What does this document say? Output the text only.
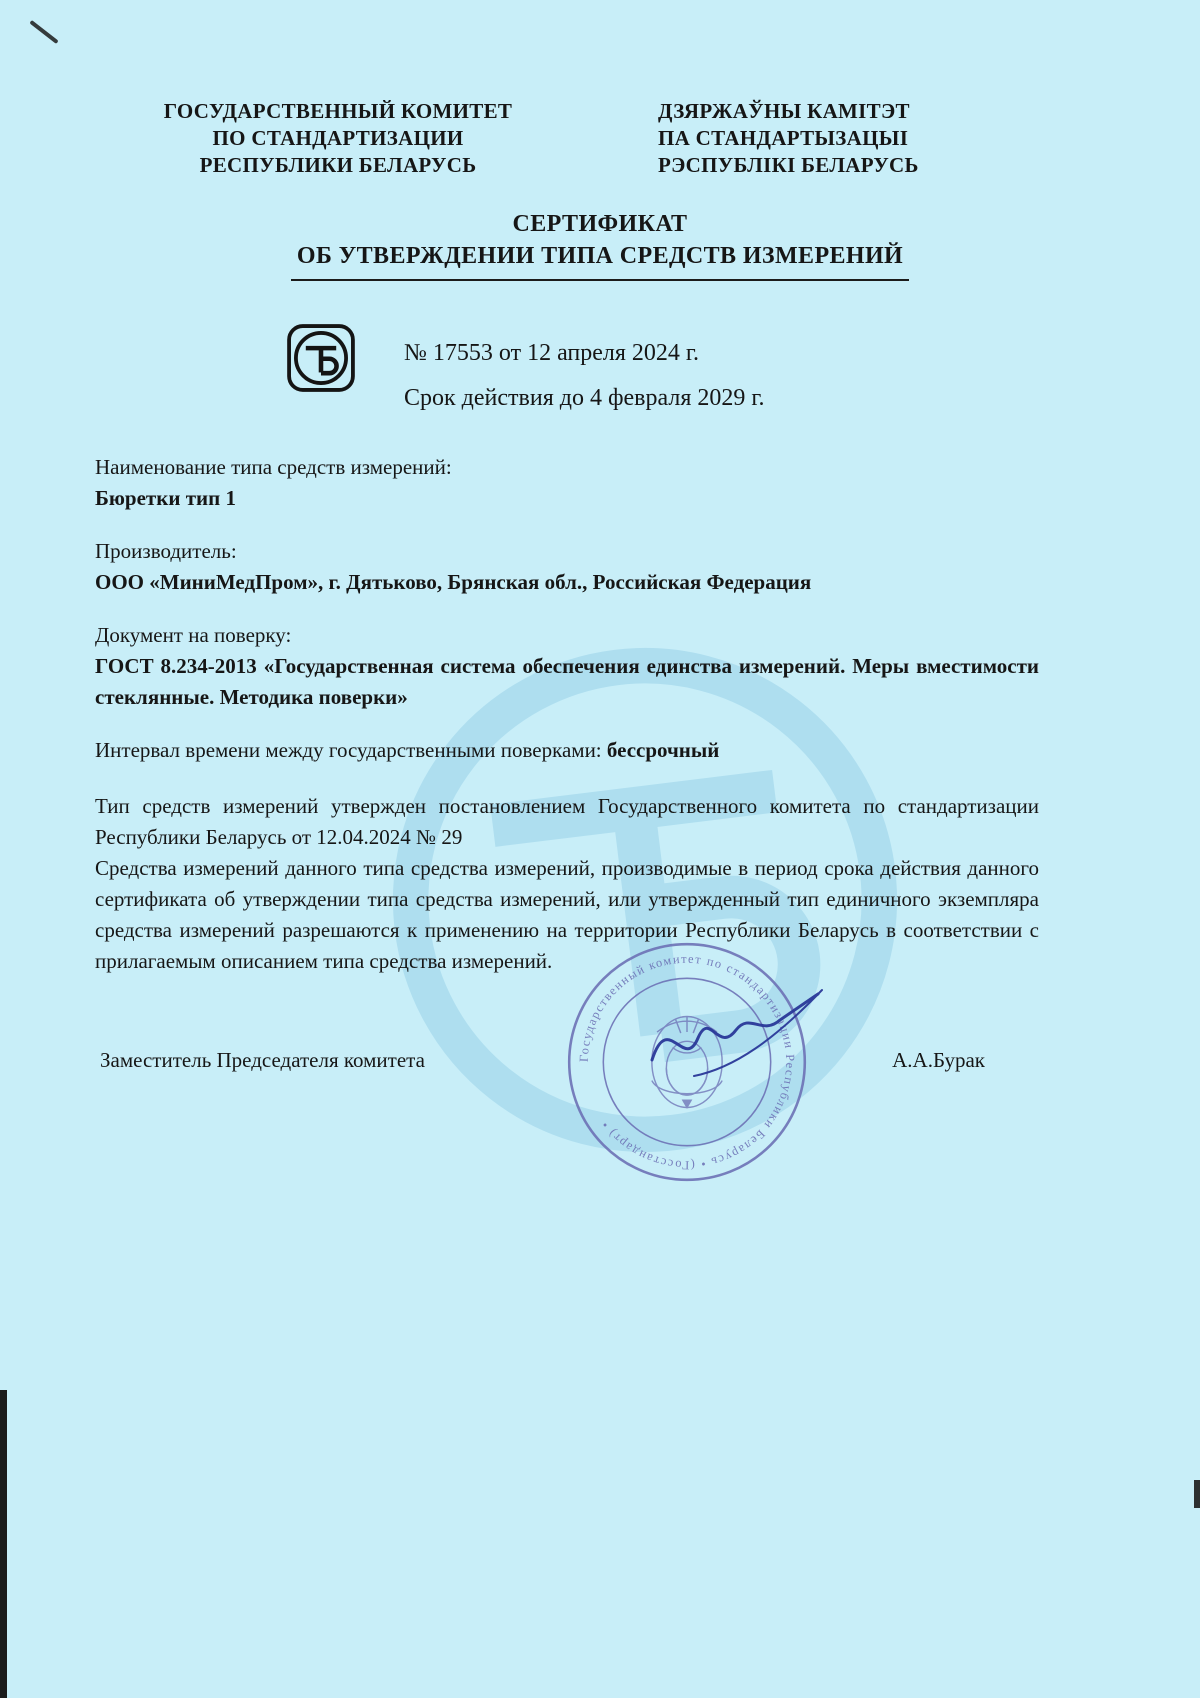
ГОСУДАРСТВЕННЫЙ КОМИТЕТ
ПО СТАНДАРТИЗАЦИИ
РЕСПУБЛИКИ БЕЛАРУСЬ
ДЗЯРЖАЎНЫ КАМІТЭТ
ПА СТАНДАРТЫЗАЦЫІ
РЭСПУБЛІКІ БЕЛАРУСЬ
СЕРТИФИКАТ
ОБ УТВЕРЖДЕНИИ ТИПА СРЕДСТВ ИЗМЕРЕНИЙ
№ 17553 от 12 апреля 2024 г.
Срок действия до 4 февраля 2029 г.
Наименование типа средств измерений:
Бюретки тип 1
Производитель:
ООО «МиниМедПром», г. Дятьково, Брянская обл., Российская Федерация
Документ на поверку:
ГОСТ 8.234-2013 «Государственная система обеспечения единства измерений. Меры вместимости стеклянные. Методика поверки»

Интервал времени между государственными поверками: бессрочный

Тип средств измерений утвержден постановлением Государственного комитета по стандартизации Республики Беларусь от 12.04.2024 № 29

Средства измерений данного типа средства измерений, производимые в период срока действия данного сертификата об утверждении типа средства измерений, или утвержденный тип единичного экземпляра средства измерений разрешаются к применению на территории Республики Беларусь в соответствии с прилагаемым описанием типа средства измерений.

Заместитель Председателя комитета	А.А.Бурак
Государственный комитет по стандартизации Республики Беларусь • (Госстандарт) •
